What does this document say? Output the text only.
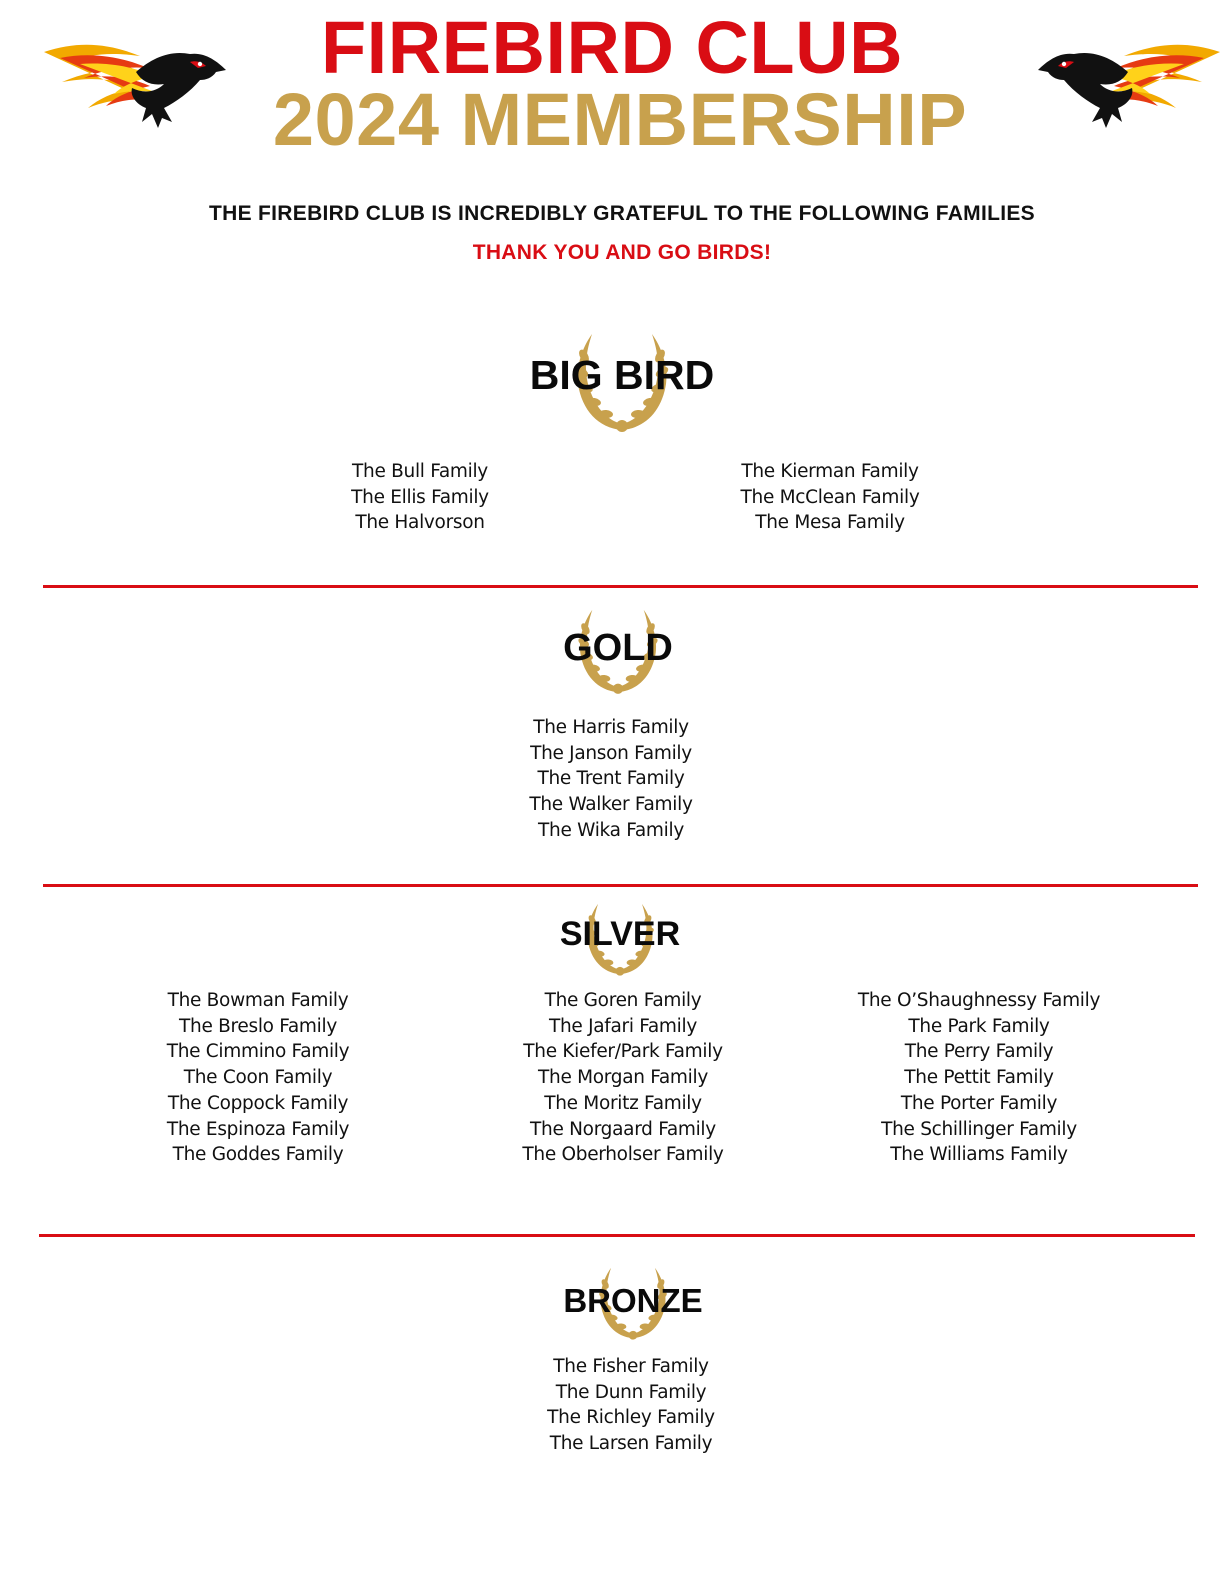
FIREBIRD CLUB
2024 MEMBERSHIP
THE FIREBIRD CLUB IS INCREDIBLY GRATEFUL TO THE FOLLOWING FAMILIES
THANK YOU AND GO BIRDS!
BIG BIRD
The Bull Family
The Ellis Family
The Halvorson
The Kierman Family
The McClean Family
The Mesa Family
GOLD
The Harris Family
The Janson Family
The Trent Family
The Walker Family
The Wika Family
SILVER
The Bowman Family
The Breslo Family
The Cimmino Family
The Coon Family
The Coppock Family
The Espinoza Family
The Goddes Family
The Goren Family
The Jafari Family
The Kiefer/Park Family
The Morgan Family
The Moritz Family
The Norgaard Family
The Oberholser Family
The O’Shaughnessy Family
The Park Family
The Perry Family
The Pettit Family
The Porter Family
The Schillinger Family
The Williams Family
BRONZE
The Fisher Family
The Dunn Family
The Richley Family
The Larsen Family
